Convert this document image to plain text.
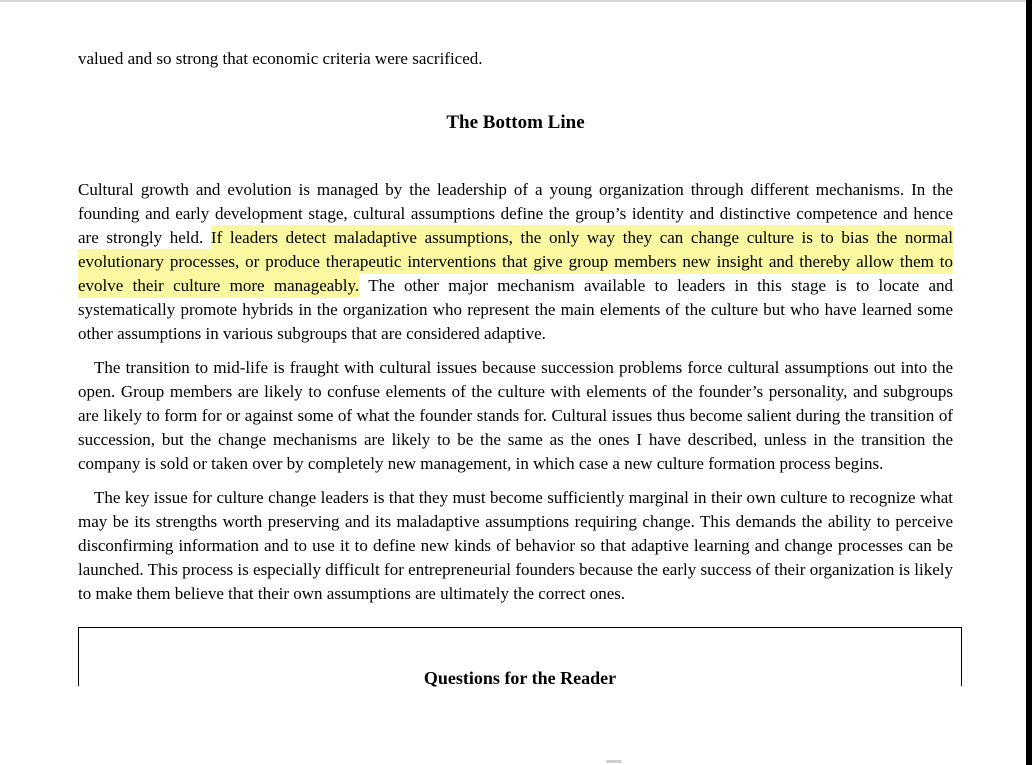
valued and so strong that economic criteria were sacrificed.

The Bottom Line

Cultural growth and evolution is managed by the leadership of a young organization through different mechanisms. In the founding and early development stage, cultural assumptions define the group’s identity and distinctive competence and hence are strongly held. If leaders detect maladaptive assumptions, the only way they can change culture is to bias the normal evolutionary processes, or produce therapeutic interventions that give group members new insight and thereby allow them to evolve their culture more manageably. The other major mechanism available to leaders in this stage is to locate and systematically promote hybrids in the organization who represent the main elements of the culture but who have learned some other assumptions in various subgroups that are considered adaptive.

The transition to mid-life is fraught with cultural issues because succession problems force cultural assumptions out into the open. Group members are likely to confuse elements of the culture with elements of the founder’s personality, and subgroups are likely to form for or against some of what the founder stands for. Cultural issues thus become salient during the transition of succession, but the change mechanisms are likely to be the same as the ones I have described, unless in the transition the company is sold or taken over by completely new management, in which case a new culture formation process begins.

The key issue for culture change leaders is that they must become sufficiently marginal in their own culture to recognize what may be its strengths worth preserving and its maladaptive assumptions requiring change. This demands the ability to perceive disconfirming information and to use it to define new kinds of behavior so that adaptive learning and change processes can be launched. This process is especially difficult for entrepreneurial founders because the early success of their organization is likely to make them believe that their own assumptions are ultimately the correct ones.

Questions for the Reader
